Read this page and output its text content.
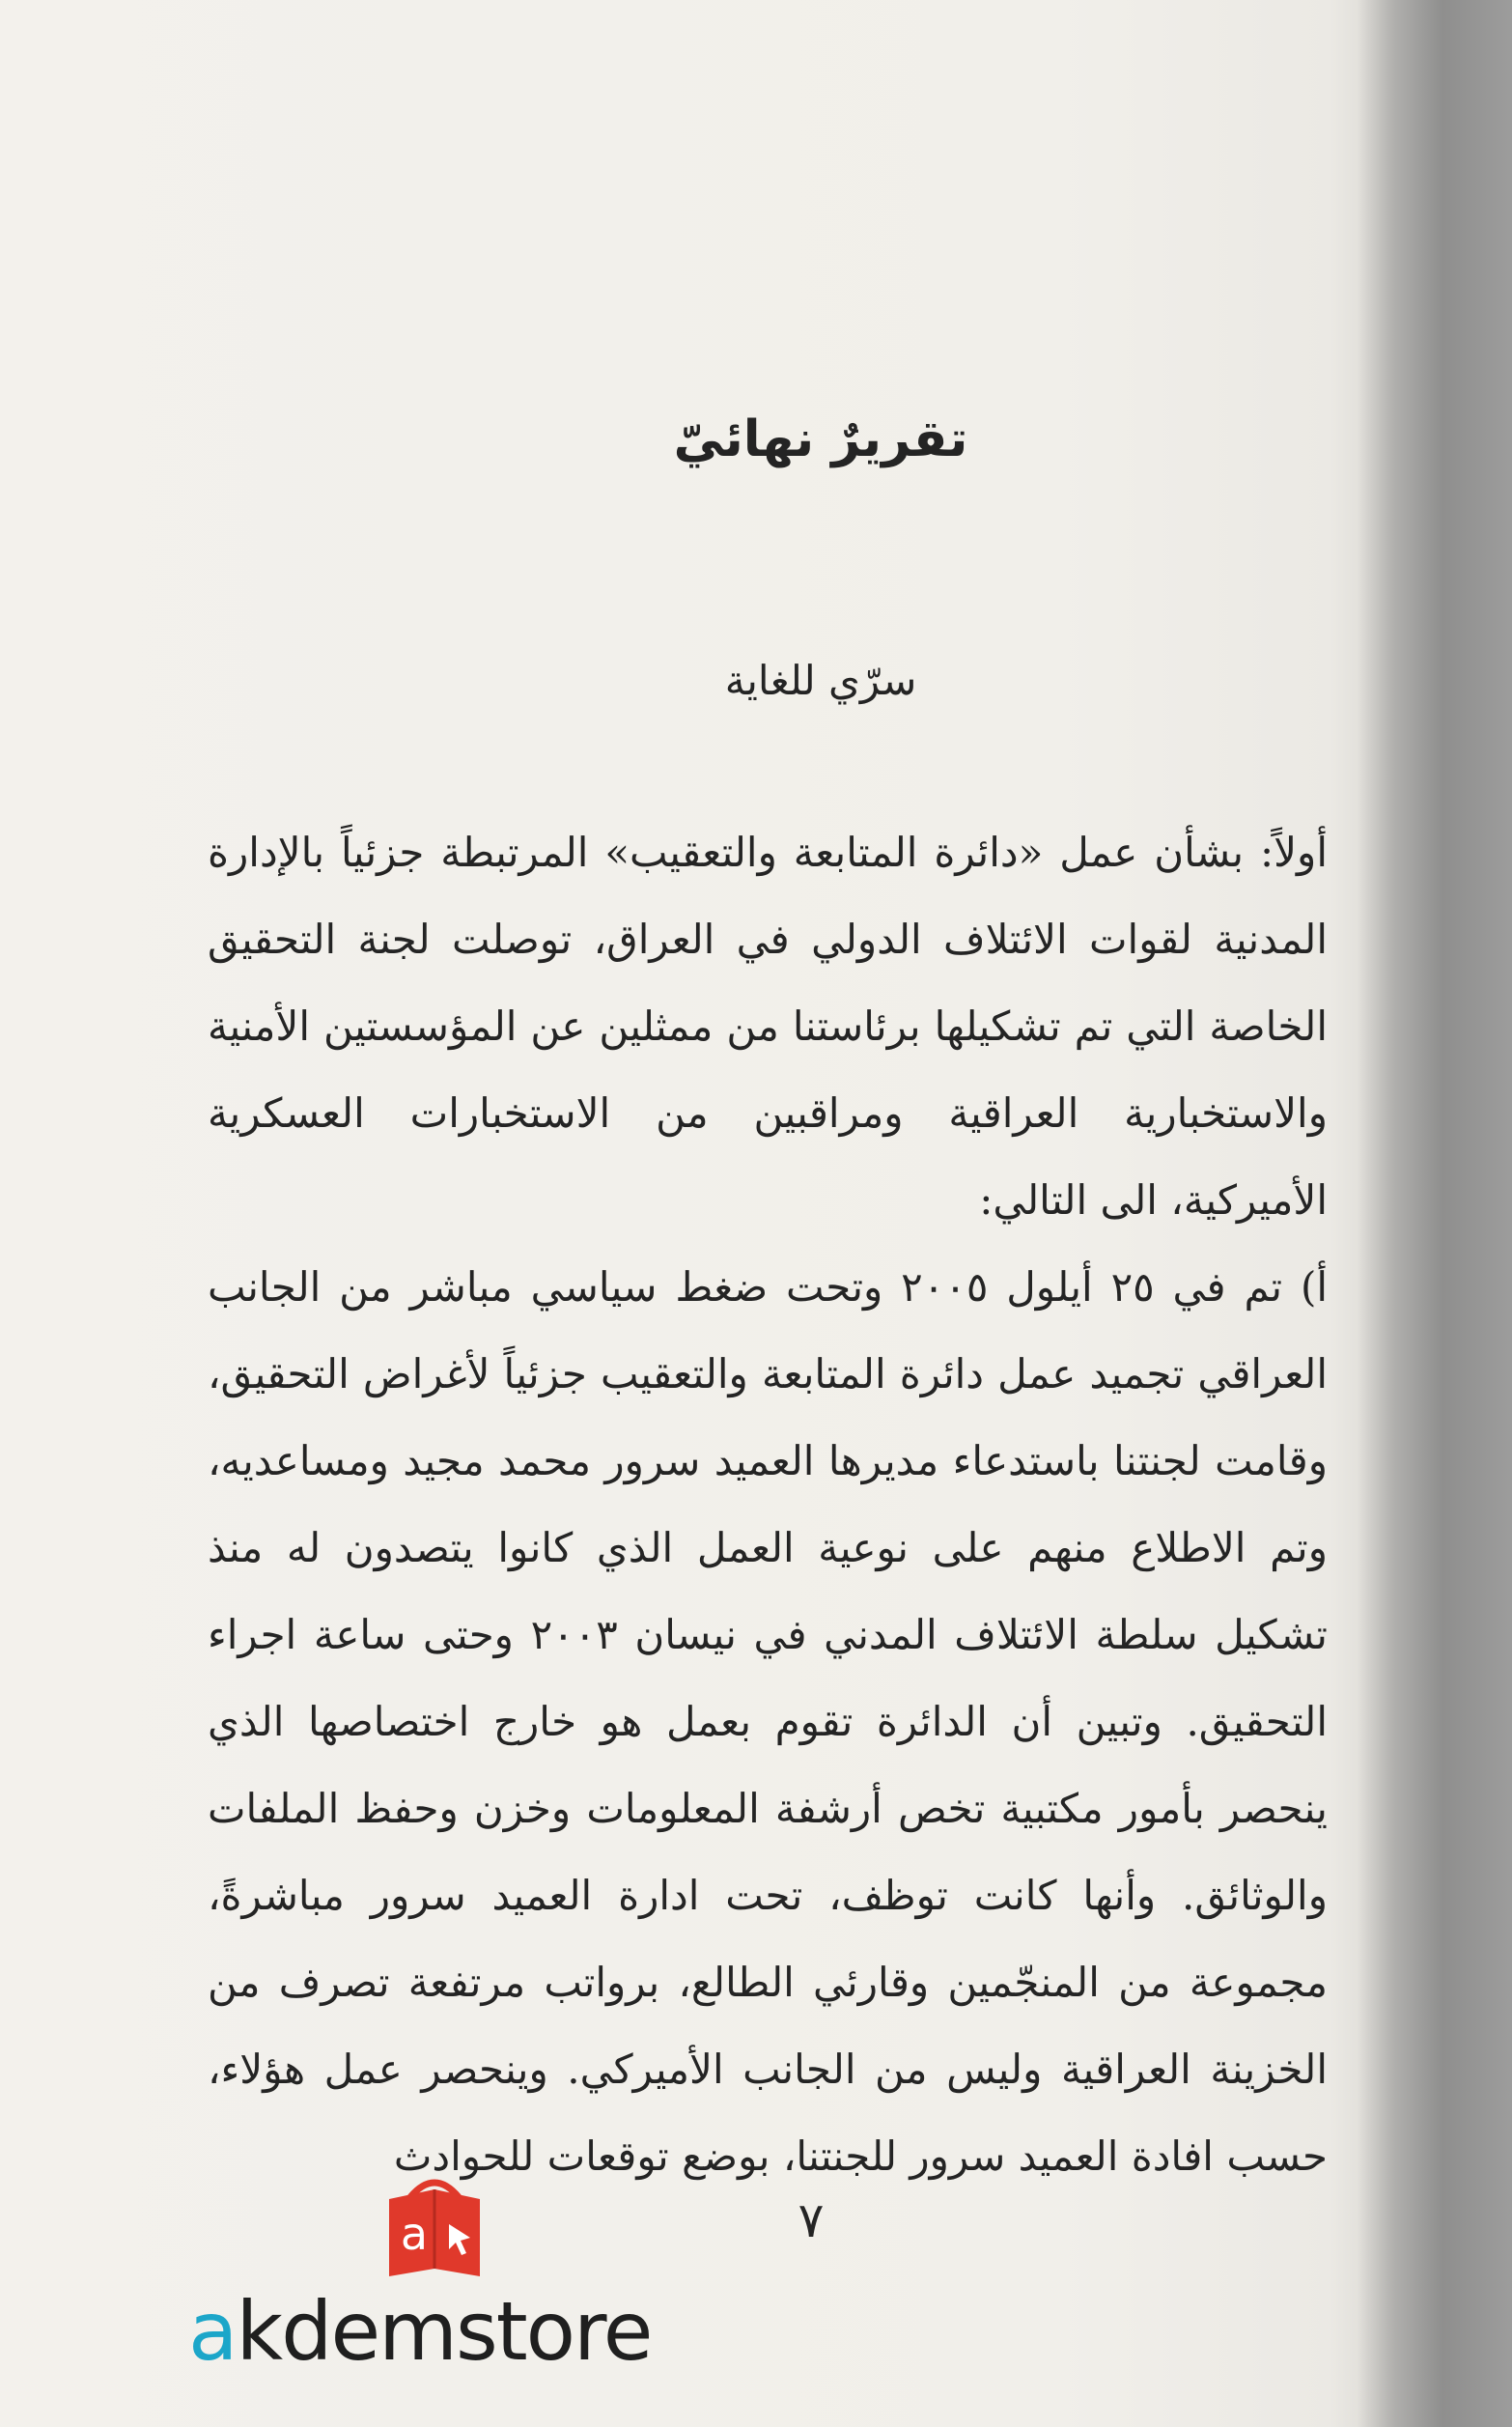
تقريرٌ نهائيّ
سرّي للغاية

أولاً: بشأن عمل «دائرة المتابعة والتعقيب» المرتبطة جزئياً بالإدارة المدنية لقوات الائتلاف الدولي في العراق، توصلت لجنة التحقيق الخاصة التي تم تشكيلها برئاستنا من ممثلين عن المؤسستين الأمنية والاستخبارية العراقية ومراقبين من الاستخبارات العسكرية الأميركية، الى التالي:

أ) تم في ٢٥ أيلول ٢٠٠٥ وتحت ضغط سياسي مباشر من الجانب العراقي تجميد عمل دائرة المتابعة والتعقيب جزئياً لأغراض التحقيق، وقامت لجنتنا باستدعاء مديرها العميد سرور محمد مجيد ومساعديه، وتم الاطلاع منهم على نوعية العمل الذي كانوا يتصدون له منذ تشكيل سلطة الائتلاف المدني في نيسان ٢٠٠٣ وحتى ساعة اجراء التحقيق. وتبين أن الدائرة تقوم بعمل هو خارج اختصاصها الذي ينحصر بأمور مكتبية تخص أرشفة المعلومات وخزن وحفظ الملفات والوثائق. وأنها كانت توظف، تحت ادارة العميد سرور مباشرةً، مجموعة من المنجّمين وقارئي الطالع، برواتب مرتفعة تصرف من الخزينة العراقية وليس من الجانب الأميركي. وينحصر عمل هؤلاء، حسب افادة العميد سرور للجنتنا، بوضع توقعات للحوادث

٧
a
akdemstore
